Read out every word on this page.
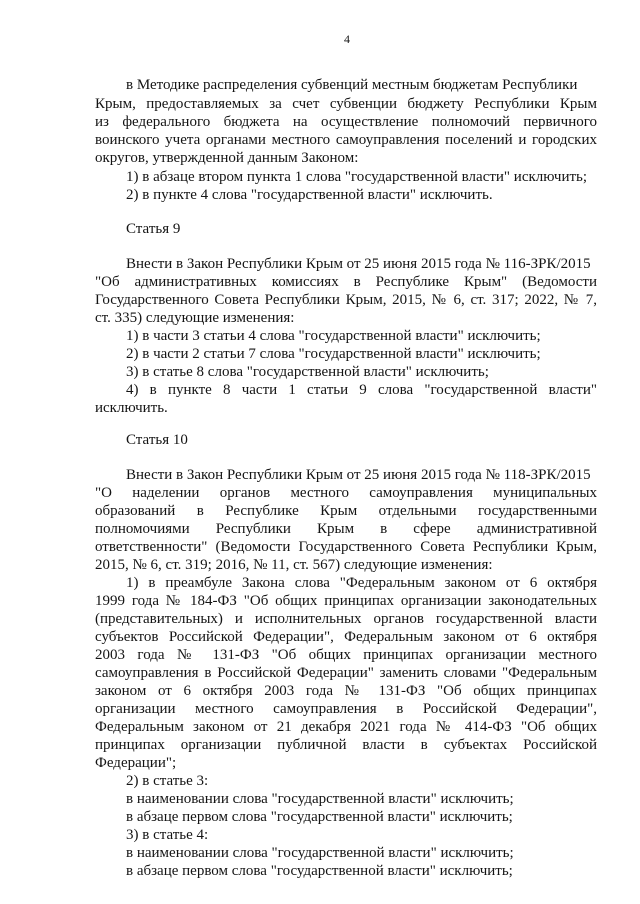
4
в Методике распределения субвенций местным бюджетам Республики
Крым, предоставляемых за счет субвенции бюджету Республики Крым
из федерального бюджета на осуществление полномочий первичного
воинского учета органами местного самоуправления поселений и городских
округов, утвержденной данным Законом:
1) в абзаце втором пункта 1 слова "государственной власти" исключить;
2) в пункте 4 слова "государственной власти" исключить.
Статья 9
Внести в Закон Республики Крым от 25 июня 2015 года № 116-ЗРК/2015
"Об административных комиссиях в Республике Крым" (Ведомости
Государственного Совета Республики Крым, 2015, № 6, ст. 317; 2022, № 7,
ст. 335) следующие изменения:
1) в части 3 статьи 4 слова "государственной власти" исключить;
2) в части 2 статьи 7 слова "государственной власти" исключить;
3) в статье 8 слова "государственной власти" исключить;
4) в пункте 8 части 1 статьи 9 слова "государственной власти"
исключить.
Статья 10
Внести в Закон Республики Крым от 25 июня 2015 года № 118-ЗРК/2015
"О наделении органов местного самоуправления муниципальных
образований в Республике Крым отдельными государственными
полномочиями Республики Крым в сфере административной
ответственности" (Ведомости Государственного Совета Республики Крым,
2015, № 6, ст. 319; 2016, № 11, ст. 567) следующие изменения:
1) в преамбуле Закона слова "Федеральным законом от 6 октября
1999 года № 184-ФЗ "Об общих принципах организации законодательных
(представительных) и исполнительных органов государственной власти
субъектов Российской Федерации", Федеральным законом от 6 октября
2003 года № 131-ФЗ "Об общих принципах организации местного
самоуправления в Российской Федерации" заменить словами "Федеральным
законом от 6 октября 2003 года № 131-ФЗ "Об общих принципах
организации местного самоуправления в Российской Федерации",
Федеральным законом от 21 декабря 2021 года № 414-ФЗ "Об общих
принципах организации публичной власти в субъектах Российской
Федерации";
2) в статье 3:
в наименовании слова "государственной власти" исключить;
в абзаце первом слова "государственной власти" исключить;
3) в статье 4:
в наименовании слова "государственной власти" исключить;
в абзаце первом слова "государственной власти" исключить;
